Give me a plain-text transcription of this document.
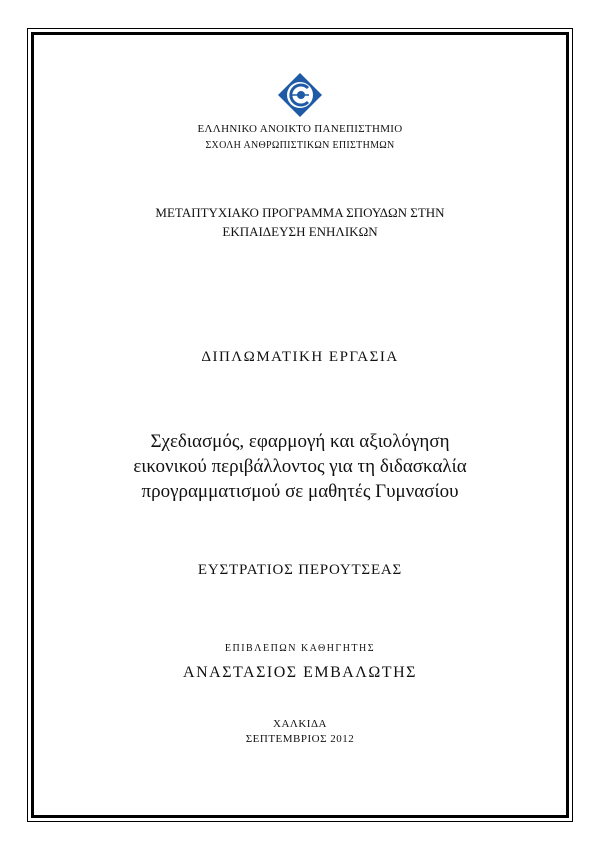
ΕΛΛΗΝΙΚΟ ΑΝΟΙΚΤΟ ΠΑΝΕΠΙΣΤΗΜΙΟ
ΣΧΟΛΗ ΑΝΘΡΩΠΙΣΤΙΚΩΝ ΕΠΙΣΤΗΜΩΝ
ΜΕΤΑΠΤΥΧΙΑΚΟ ΠΡΟΓΡΑΜΜΑ ΣΠΟΥΔΩΝ ΣΤΗΝ
ΕΚΠΑΙΔΕΥΣΗ ΕΝΗΛΙΚΩΝ
ΔΙΠΛΩΜΑΤΙΚΗ ΕΡΓΑΣΙΑ
Σχεδιασμός, εφαρμογή και αξιολόγηση
εικονικού περιβάλλοντος για τη διδασκαλία
προγραμματισμού σε μαθητές Γυμνασίου
ΕΥΣΤΡΑΤΙΟΣ ΠΕΡΟΥΤΣΕΑΣ
ΕΠΙΒΛΕΠΩΝ ΚΑΘΗΓΗΤΗΣ
ΑΝΑΣΤΑΣΙΟΣ ΕΜΒΑΛΩΤΗΣ
ΧΑΛΚΙΔΑ
ΣΕΠΤΕΜΒΡΙΟΣ 2012
